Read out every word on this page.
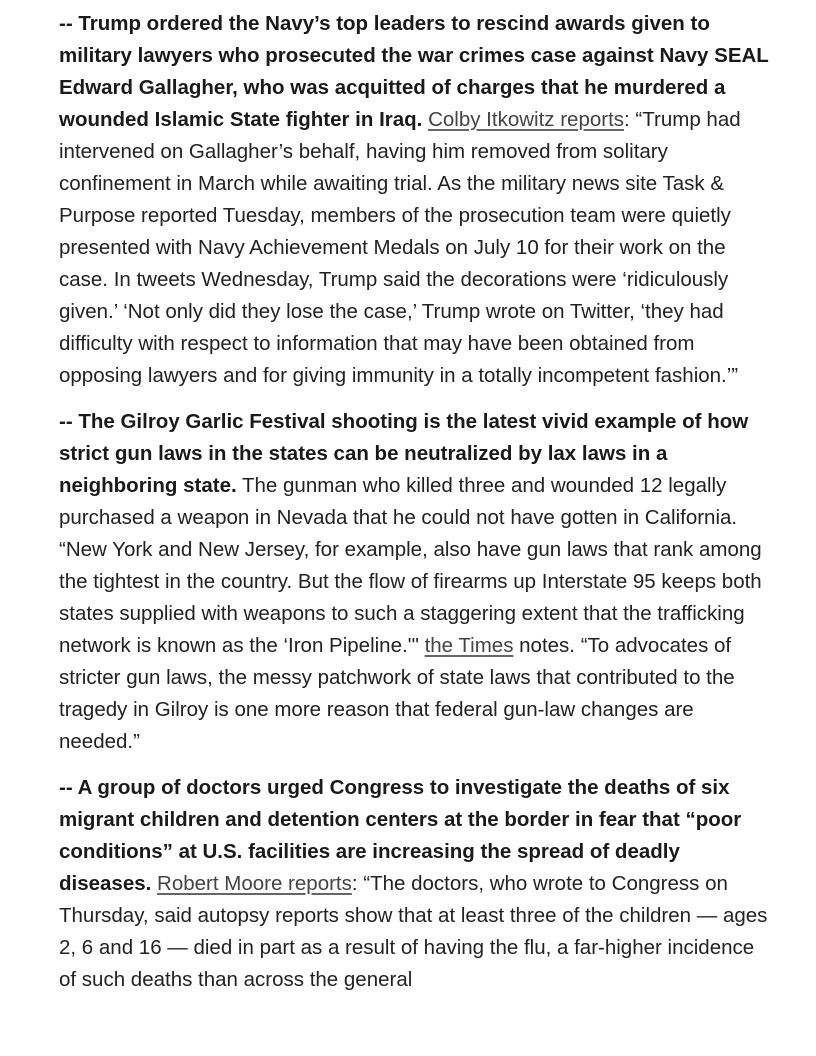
-- Trump ordered the Navy’s top leaders to rescind awards given to military lawyers who prosecuted the war crimes case against Navy SEAL Edward Gallagher, who was acquitted of charges that he murdered a wounded Islamic State fighter in Iraq. Colby Itkowitz reports: “Trump had intervened on Gallagher’s behalf, having him removed from solitary confinement in March while awaiting trial. As the military news site Task & Purpose reported Tuesday, members of the prosecution team were quietly presented with Navy Achievement Medals on July 10 for their work on the case. In tweets Wednesday, Trump said the decorations were ‘ridiculously given.’ ‘Not only did they lose the case,’ Trump wrote on Twitter, ‘they had difficulty with respect to information that may have been obtained from opposing lawyers and for giving immunity in a totally incompetent fashion.’”

-- The Gilroy Garlic Festival shooting is the latest vivid example of how strict gun laws in the states can be neutralized by lax laws in a neighboring state. The gunman who killed three and wounded 12 legally purchased a weapon in Nevada that he could not have gotten in California. “New York and New Jersey, for example, also have gun laws that rank among the tightest in the country. But the flow of firearms up Interstate 95 keeps both states supplied with weapons to such a staggering extent that the trafficking network is known as the ‘Iron Pipeline.'" the Times notes. “To advocates of stricter gun laws, the messy patchwork of state laws that contributed to the tragedy in Gilroy is one more reason that federal gun-law changes are needed.”

-- A group of doctors urged Congress to investigate the deaths of six migrant children and detention centers at the border in fear that “poor conditions” at U.S. facilities are increasing the spread of deadly diseases. Robert Moore reports: “The doctors, who wrote to Congress on Thursday, said autopsy reports show that at least three of the children — ages 2, 6 and 16 — died in part as a result of having the flu, a far-higher incidence of such deaths than across the general
